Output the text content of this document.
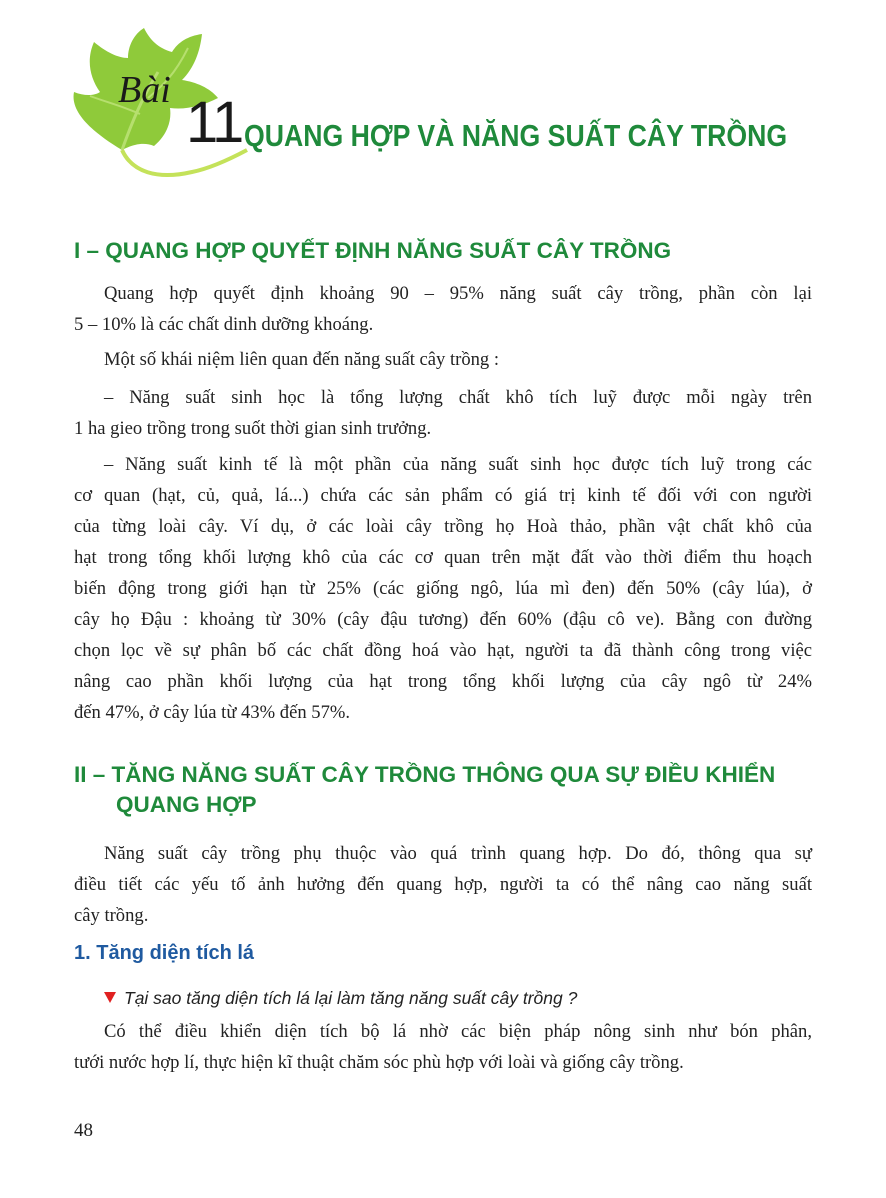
Bài 11 QUANG HỢP VÀ NĂNG SUẤT CÂY TRỒNG
I – QUANG HỢP QUYẾT ĐỊNH NĂNG SUẤT CÂY TRỒNG
Quang hợp quyết định khoảng 90 – 95% năng suất cây trồng, phần còn lại
5 – 10% là các chất dinh dưỡng khoáng.
Một số khái niệm liên quan đến năng suất cây trồng :
– Năng suất sinh học là tổng lượng chất khô tích luỹ được mỗi ngày trên
1 ha gieo trồng trong suốt thời gian sinh trưởng.
– Năng suất kinh tế là một phần của năng suất sinh học được tích luỹ trong các
cơ quan (hạt, củ, quả, lá...) chứa các sản phẩm có giá trị kinh tế đối với con người
của từng loài cây. Ví dụ, ở các loài cây trồng họ Hoà thảo, phần vật chất khô của
hạt trong tổng khối lượng khô của các cơ quan trên mặt đất vào thời điểm thu hoạch
biến động trong giới hạn từ 25% (các giống ngô, lúa mì đen) đến 50% (cây lúa), ở
cây họ Đậu : khoảng từ 30% (cây đậu tương) đến 60% (đậu cô ve). Bằng con đường
chọn lọc về sự phân bố các chất đồng hoá vào hạt, người ta đã thành công trong việc
nâng cao phần khối lượng của hạt trong tổng khối lượng của cây ngô từ 24%
đến 47%, ở cây lúa từ 43% đến 57%.
II – TĂNG NĂNG SUẤT CÂY TRỒNG THÔNG QUA SỰ ĐIỀU KHIỂN
QUANG HỢP
Năng suất cây trồng phụ thuộc vào quá trình quang hợp. Do đó, thông qua sự
điều tiết các yếu tố ảnh hưởng đến quang hợp, người ta có thể nâng cao năng suất
cây trồng.
1. Tăng diện tích lá
Tại sao tăng diện tích lá lại làm tăng năng suất cây trồng ?
Có thể điều khiển diện tích bộ lá nhờ các biện pháp nông sinh như bón phân,
tưới nước hợp lí, thực hiện kĩ thuật chăm sóc phù hợp với loài và giống cây trồng.
48
